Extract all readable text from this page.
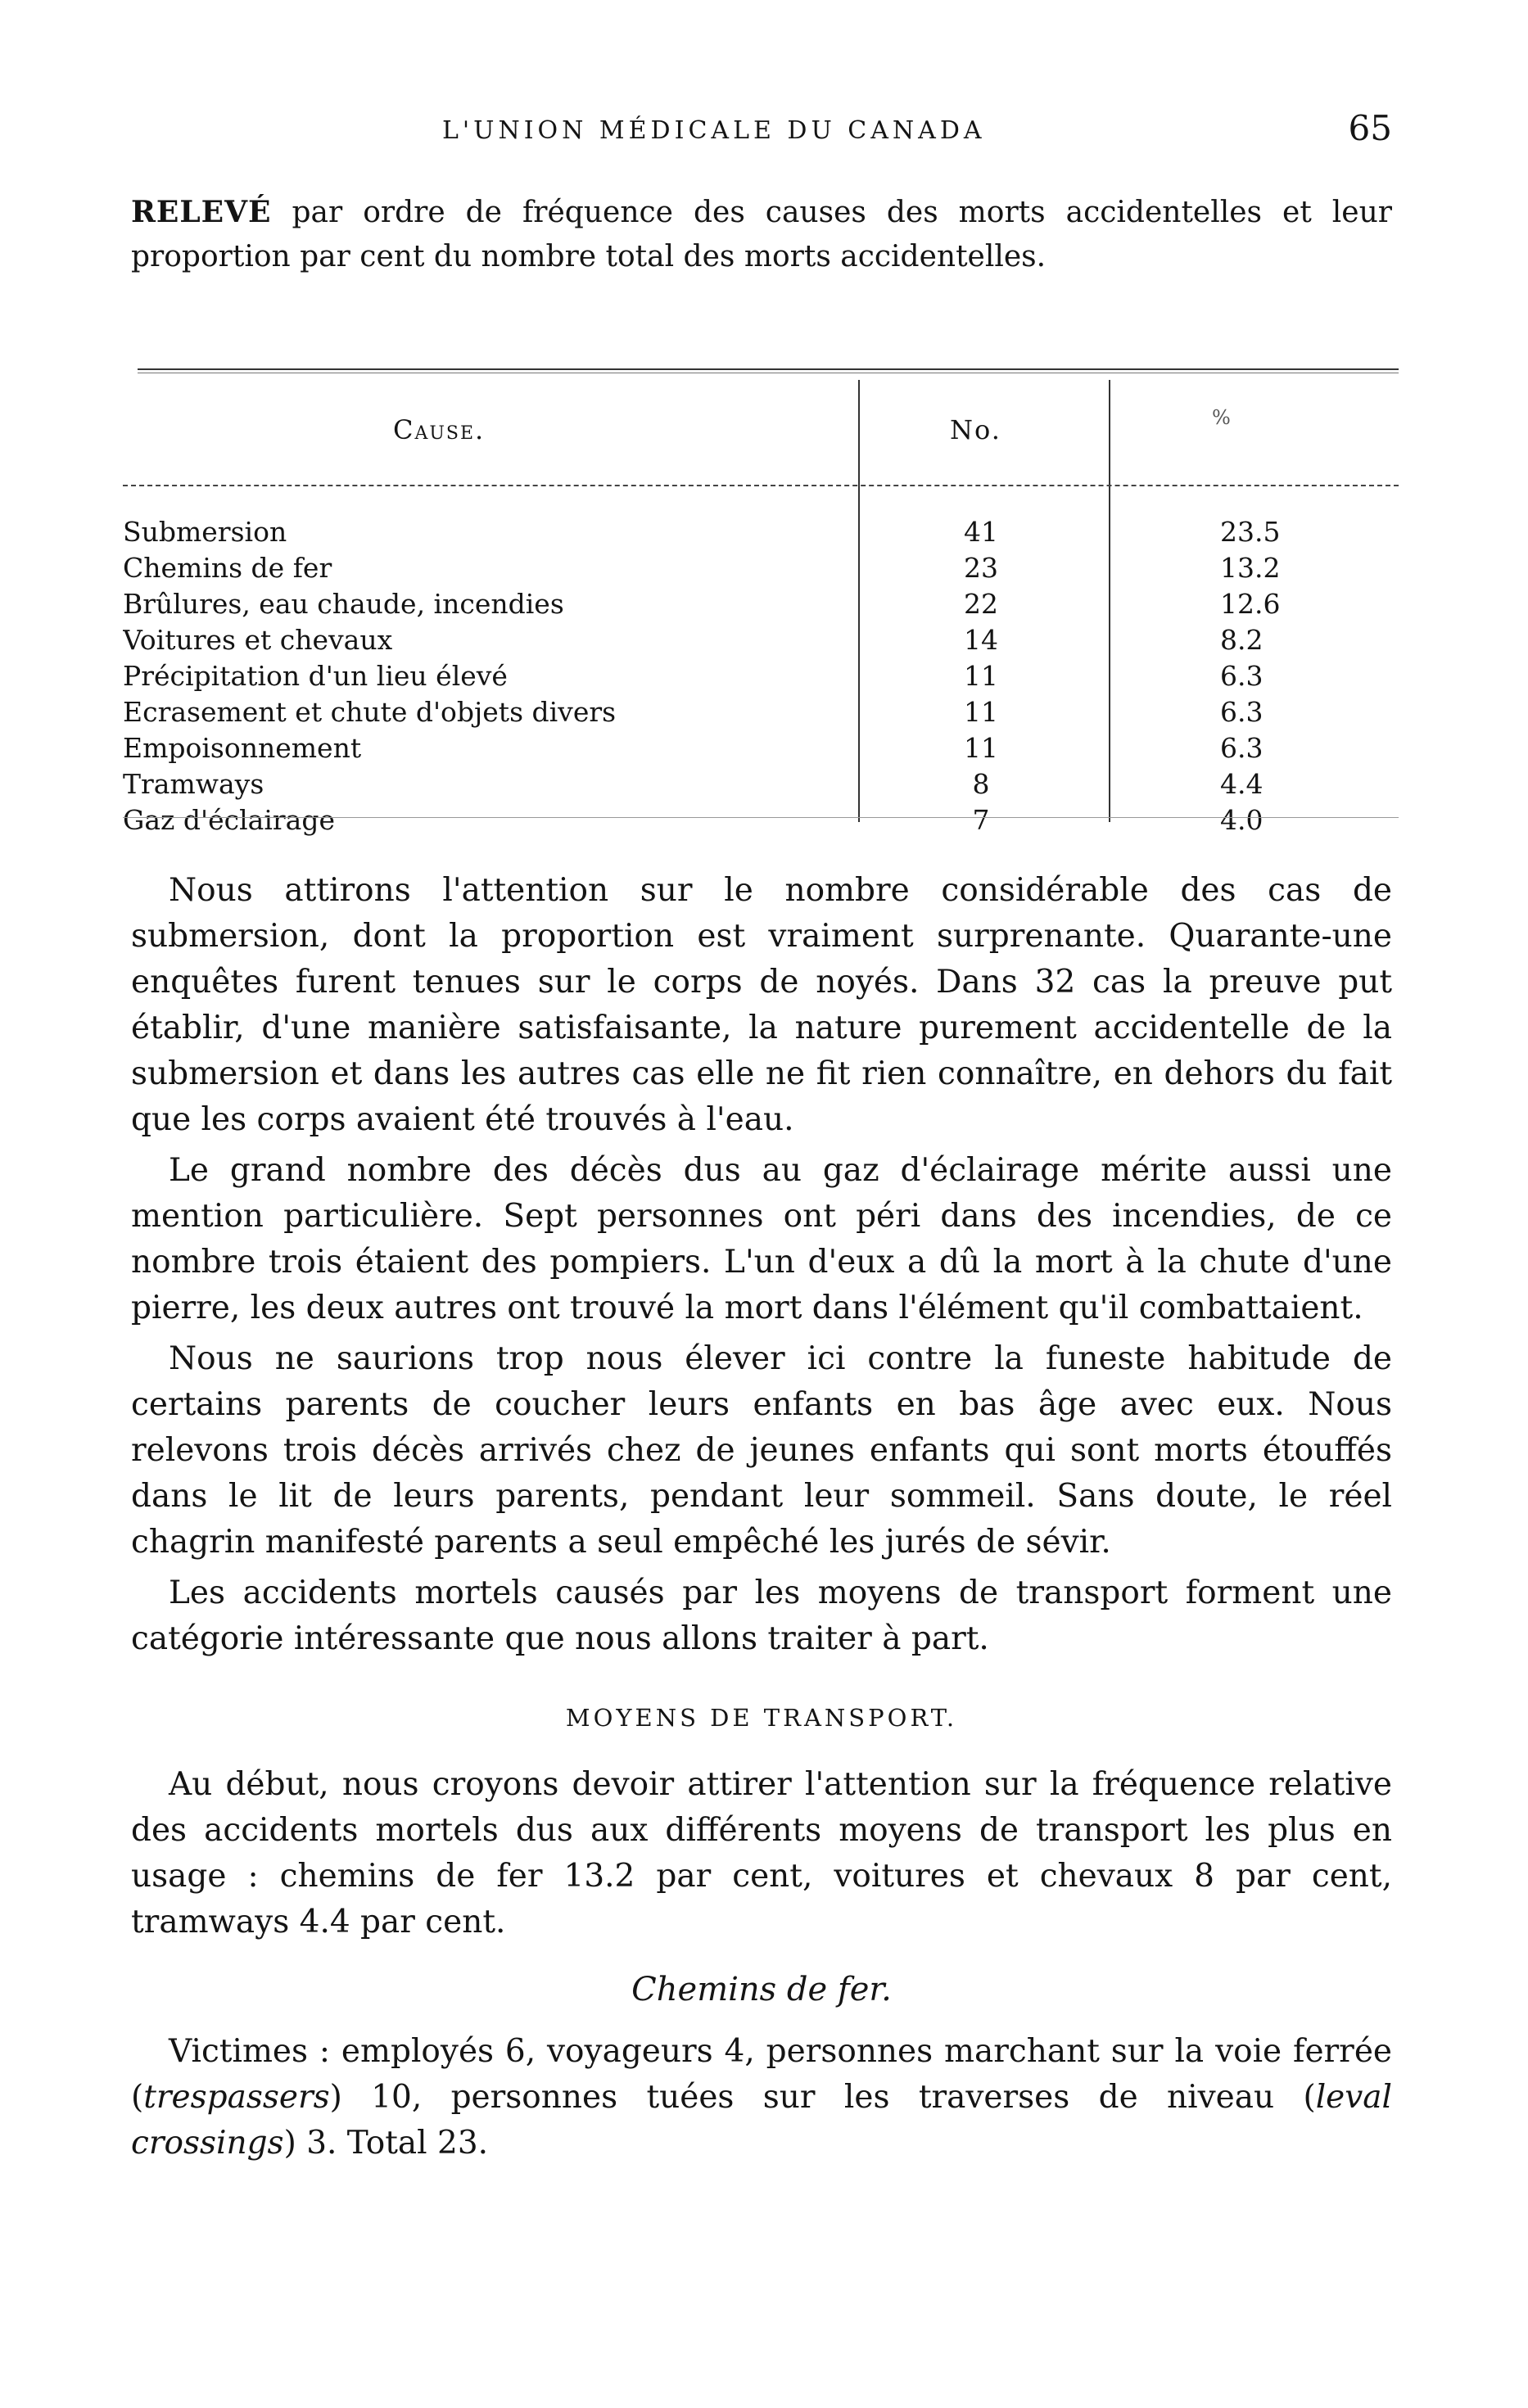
L'UNION MÉDICALE DU CANADA	65
RELEVÉ par ordre de fréquence des causes des morts accidentelles et leur proportion par cent du nombre total des morts accidentelles.
Cause.	No.	%
Submersion	41	23.5
Chemins de fer	23	13.2
Brûlures, eau chaude, incendies	22	12.6
Voitures et chevaux	14	8.2
Précipitation d'un lieu élevé	11	6.3
Ecrasement et chute d'objets divers	11	6.3
Empoisonnement	11	6.3
Tramways	8	4.4
Gaz d'éclairage	7	4.0

Nous attirons l'attention sur le nombre considérable des cas de submersion, dont la proportion est vraiment surprenante. Quarante-une enquêtes furent tenues sur le corps de noyés. Dans 32 cas la preuve put établir, d'une manière satisfaisante, la nature purement accidentelle de la submersion et dans les autres cas elle ne fit rien connaître, en dehors du fait que les corps avaient été trouvés à l'eau.

Le grand nombre des décès dus au gaz d'éclairage mérite aussi une mention particulière. Sept personnes ont péri dans des incendies, de ce nombre trois étaient des pompiers. L'un d'eux a dû la mort à la chute d'une pierre, les deux autres ont trouvé la mort dans l'élément qu'il combattaient.

Nous ne saurions trop nous élever ici contre la funeste habitude de certains parents de coucher leurs enfants en bas âge avec eux. Nous relevons trois décès arrivés chez de jeunes enfants qui sont morts étouffés dans le lit de leurs parents, pendant leur sommeil. Sans doute, le réel chagrin manifesté parents a seul empêché les jurés de sévir.

Les accidents mortels causés par les moyens de transport forment une catégorie intéressante que nous allons traiter à part.

MOYENS DE TRANSPORT.

Au début, nous croyons devoir attirer l'attention sur la fréquence relative des accidents mortels dus aux différents moyens de transport les plus en usage : chemins de fer 13.2 par cent, voitures et chevaux 8 par cent, tramways 4.4 par cent.

Chemins de fer.

Victimes : employés 6, voyageurs 4, personnes marchant sur la voie ferrée (trespassers) 10, personnes tuées sur les traverses de niveau (leval crossings) 3. Total 23.
